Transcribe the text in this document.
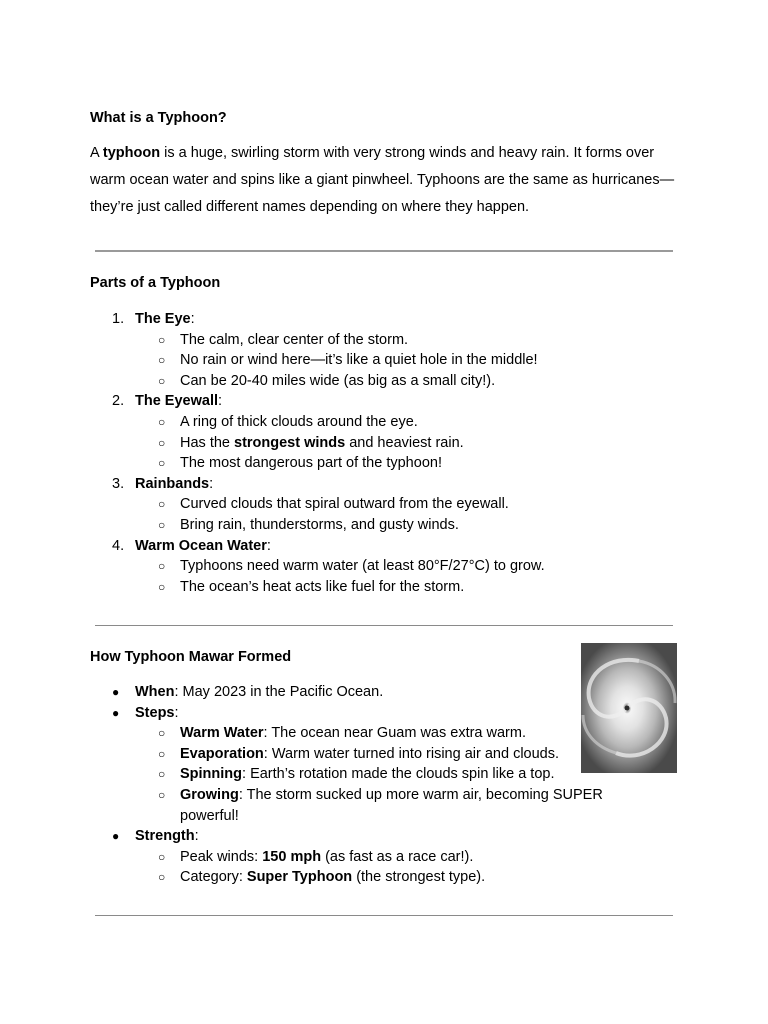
What is a Typhoon?

A typhoon is a huge, swirling storm with very strong winds and heavy rain. It forms over warm ocean water and spins like a giant pinwheel. Typhoons are the same as hurricanes—they’re just called different names depending on where they happen.

Parts of a Typhoon
1. The Eye:
○ The calm, clear center of the storm.
○ No rain or wind here—it’s like a quiet hole in the middle!
○ Can be 20-40 miles wide (as big as a small city!).
2. The Eyewall:
○ A ring of thick clouds around the eye.
○ Has the strongest winds and heaviest rain.
○ The most dangerous part of the typhoon!
3. Rainbands:
○ Curved clouds that spiral outward from the eyewall.
○ Bring rain, thunderstorms, and gusty winds.
4. Warm Ocean Water:
○ Typhoons need warm water (at least 80°F/27°C) to grow.
○ The ocean’s heat acts like fuel for the storm.
How Typhoon Mawar Formed
● When: May 2023 in the Pacific Ocean.
● Steps:
○ Warm Water: The ocean near Guam was extra warm.
○ Evaporation: Warm water turned into rising air and clouds.
○ Spinning: Earth’s rotation made the clouds spin like a top.
○ Growing: The storm sucked up more warm air, becoming SUPER
powerful!
● Strength:
○ Peak winds: 150 mph (as fast as a race car!).
○ Category: Super Typhoon (the strongest type).
